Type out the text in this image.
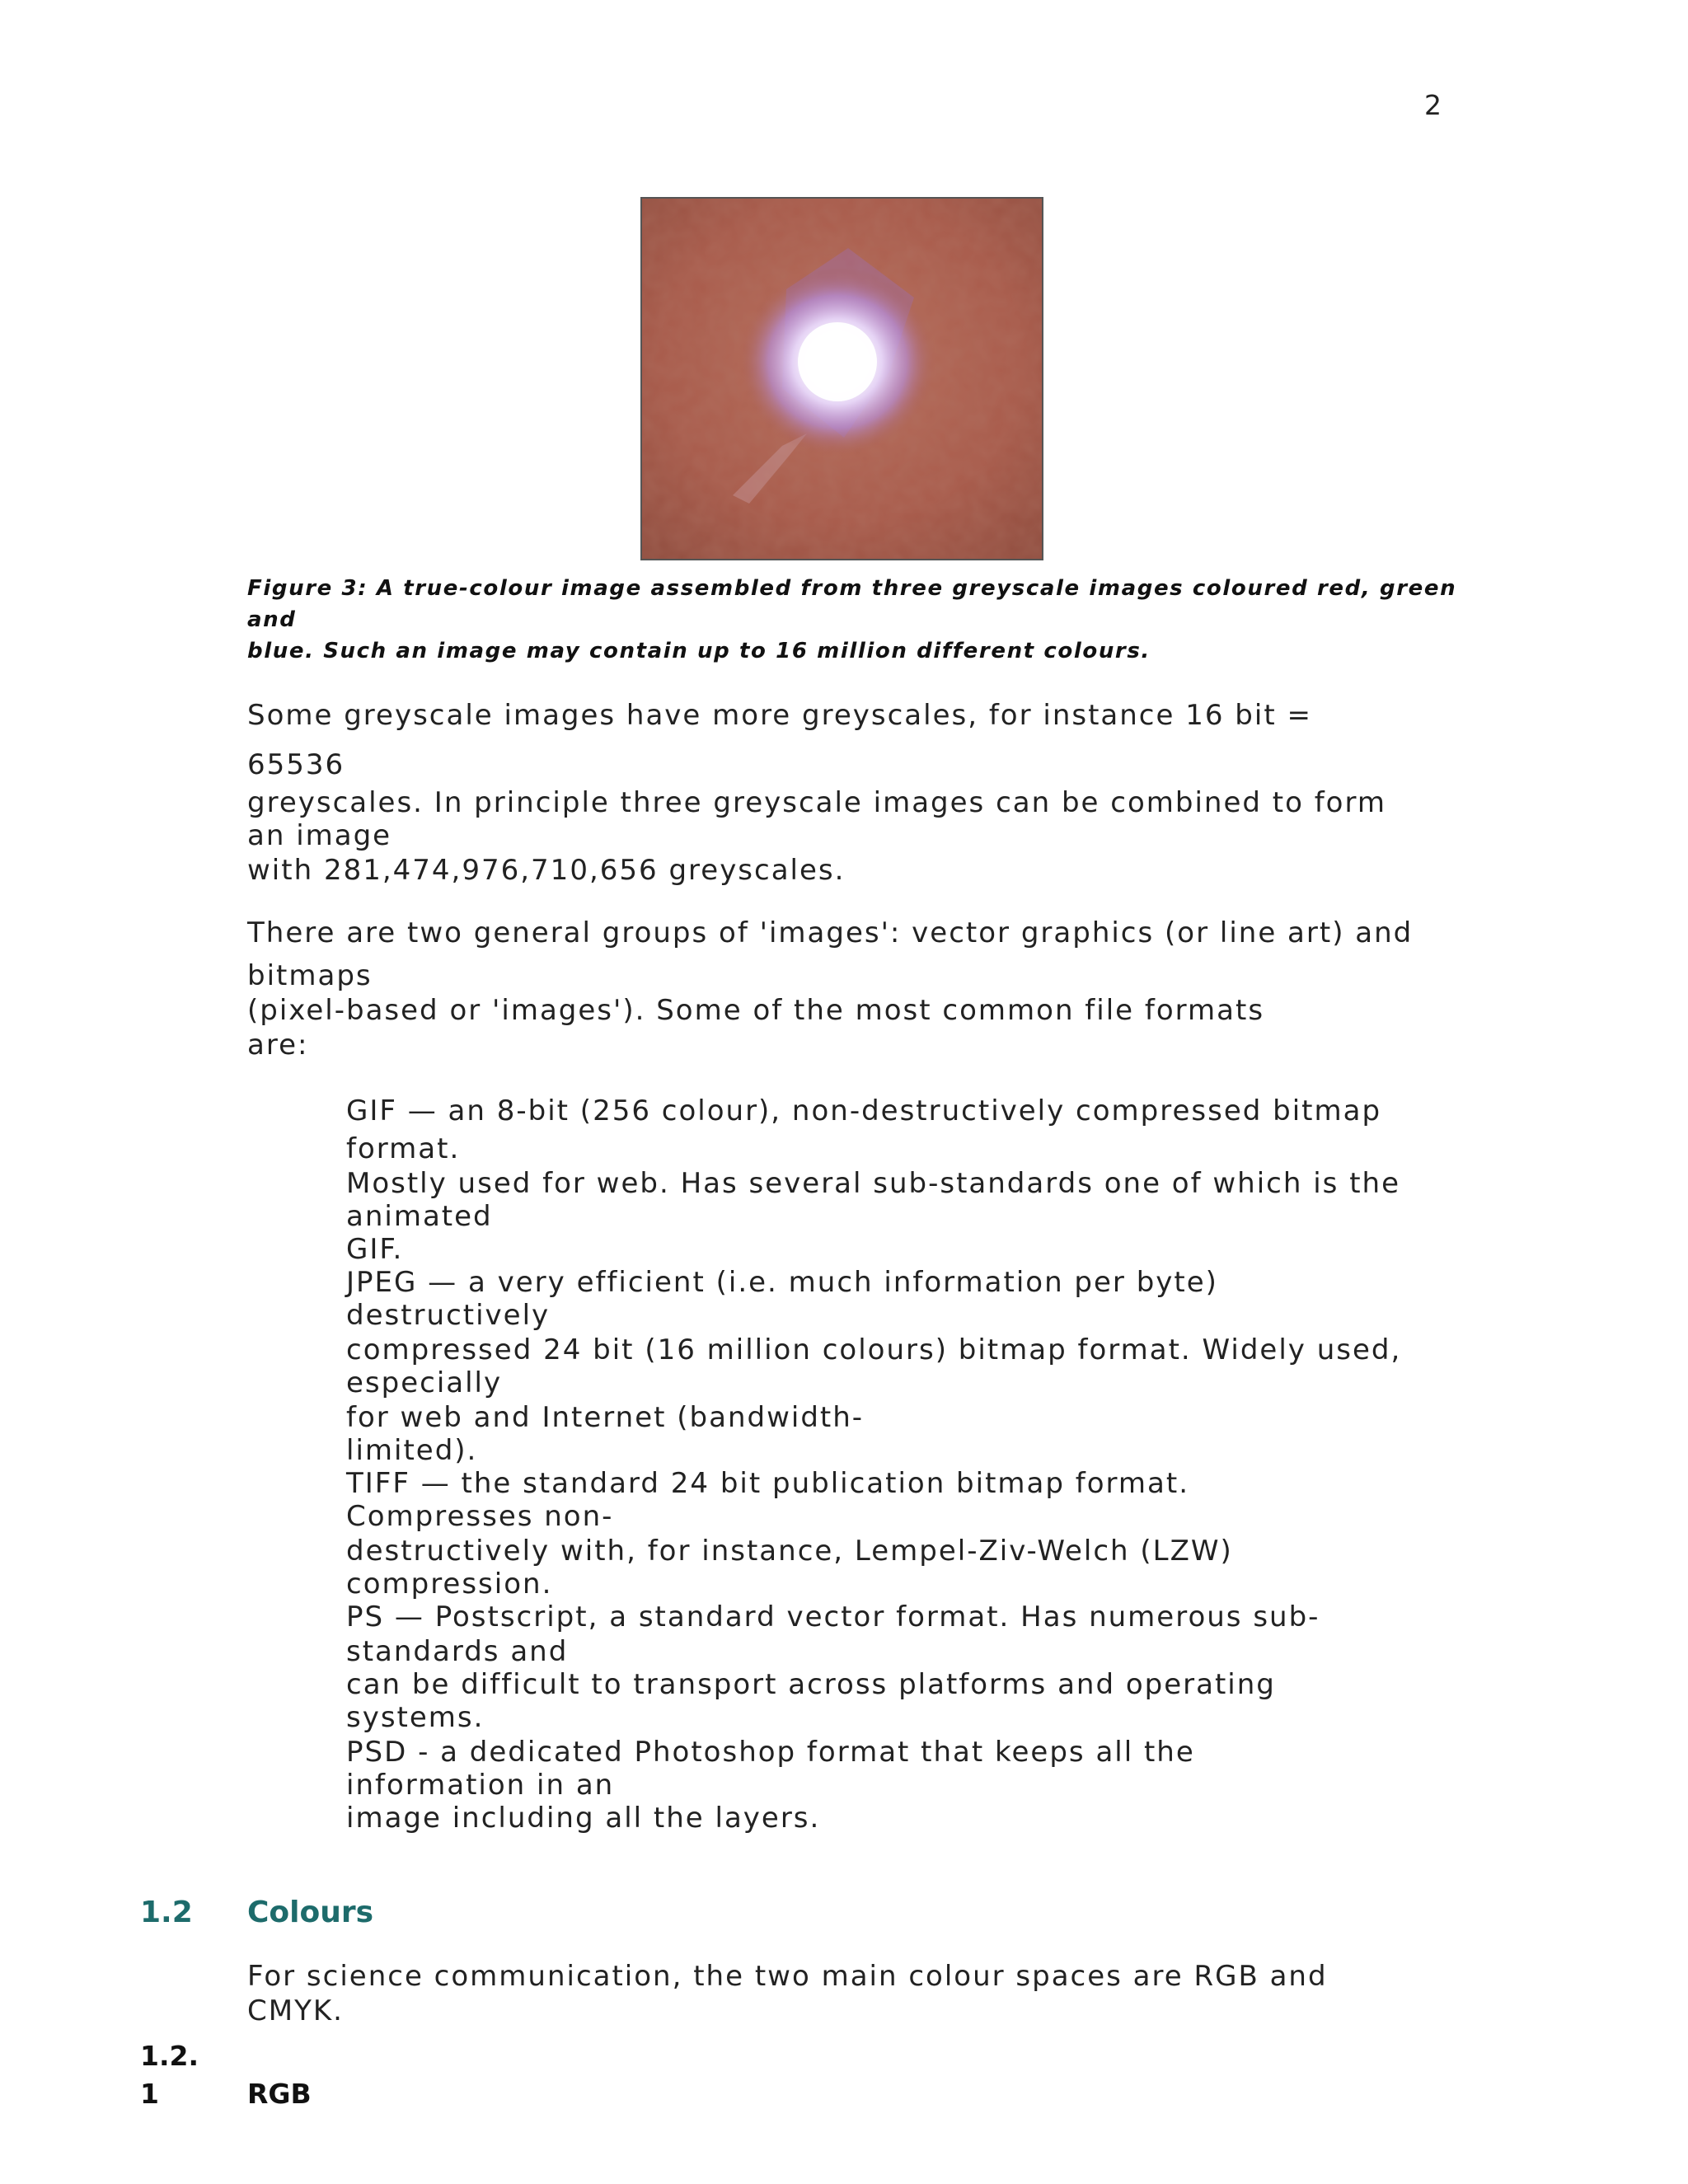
2
Figure 3: A true-colour image assembled from three greyscale images coloured red, green
and
blue. Such an image may contain up to 16 million different colours.
Some greyscale images have more greyscales, for instance 16 bit =
65536
greyscales. In principle three greyscale images can be combined to form
an image
with 281,474,976,710,656 greyscales.
There are two general groups of 'images': vector graphics (or line art) and
bitmaps
(pixel-based or 'images'). Some of the most common file formats
are:
GIF — an 8-bit (256 colour), non-destructively compressed bitmap
format.
Mostly used for web. Has several sub-standards one of which is the
animated
GIF.
JPEG — a very efficient (i.e. much information per byte)
destructively
compressed 24 bit (16 million colours) bitmap format. Widely used,
especially
for web and Internet (bandwidth-
limited).
TIFF — the standard 24 bit publication bitmap format.
Compresses non-
destructively with, for instance, Lempel-Ziv-Welch (LZW)
compression.
PS — Postscript, a standard vector format. Has numerous sub-
standards and
can be difficult to transport across platforms and operating
systems.
PSD - a dedicated Photoshop format that keeps all the
information in an
image including all the layers.
1.2 Colours
For science communication, the two main colour spaces are RGB and
CMYK.
1.2.
1	RGB
